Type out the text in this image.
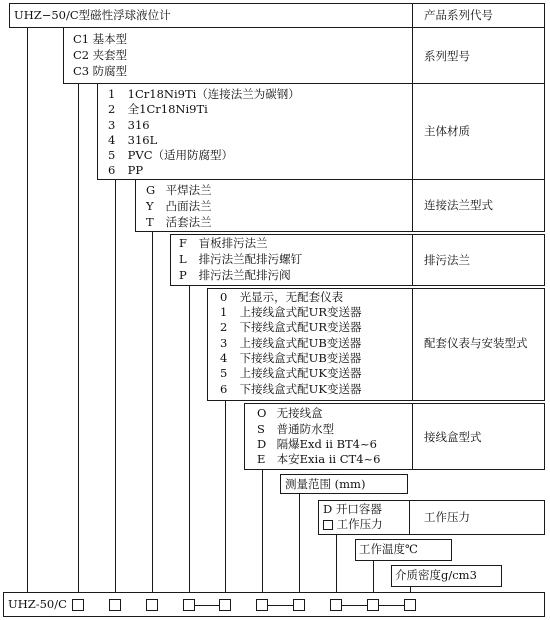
UHZ−50/C型磁性浮球液位计	产品系列代号
C1 基本型
C2 夹套型
C3 防腐型
系列型号
1 1Cr18Ni9Ti（连接法兰为碳钢）
2 全1Cr18Ni9Ti
3 316
4 316L
5 PVC（适用防腐型）
6 PP
主体材质
G 平焊法兰
Y 凸面法兰
T 活套法兰
连接法兰型式
F 盲板排污法兰
L 排污法兰配排污螺钉
P 排污法兰配排污阀
排污法兰
0 光显示，无配套仪表
1 上接线盒式配UR变送器
2 下接线盒式配UR变送器
3 上接线盒式配UB变送器
4 下接线盒式配UB变送器
5 上接线盒式配UK变送器
6 下接线盒式配UK变送器
配套仪表与安装型式
O 无接线盒
S 普通防水型
D 隔爆Exd ii BT4~6
E 本安Exia ii CT4~6
接线盒型式
测量范围 (mm)
D 开口容器
工作压力	工作压力
工作温度℃
介质密度g/cm3
UHZ-50/C
